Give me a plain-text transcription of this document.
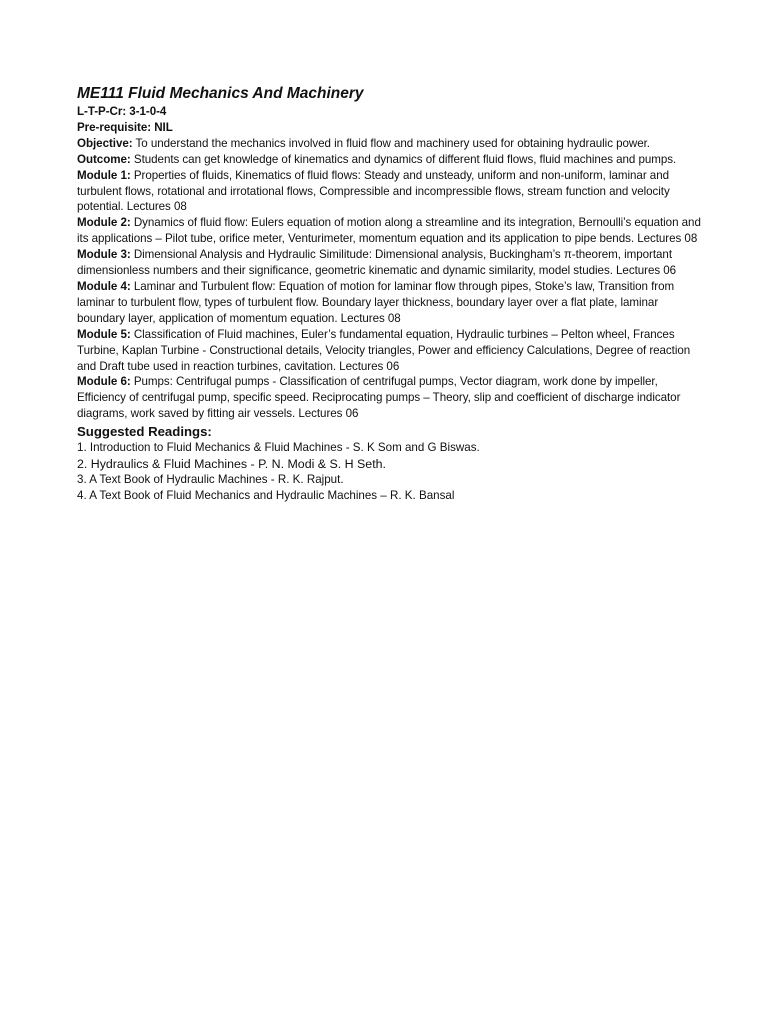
ME111 Fluid Mechanics And Machinery

L-T-P-Cr: 3-1-0-4

Pre-requisite: NIL

Objective: To understand the mechanics involved in fluid flow and machinery used for obtaining hydraulic power.

Outcome: Students can get knowledge of kinematics and dynamics of different fluid flows, fluid machines and pumps.

Module 1: Properties of fluids, Kinematics of fluid flows: Steady and unsteady, uniform and non-uniform, laminar and turbulent flows, rotational and irrotational flows, Compressible and incompressible flows, stream function and velocity potential. Lectures 08

Module 2: Dynamics of fluid flow: Eulers equation of motion along a streamline and its integration, Bernoulli’s equation and its applications – Pilot tube, orifice meter, Venturimeter, momentum equation and its application to pipe bends. Lectures 08

Module 3: Dimensional Analysis and Hydraulic Similitude: Dimensional analysis, Buckingham’s π-theorem, important dimensionless numbers and their significance, geometric kinematic and dynamic similarity, model studies. Lectures 06

Module 4: Laminar and Turbulent flow: Equation of motion for laminar flow through pipes, Stoke’s law, Transition from laminar to turbulent flow, types of turbulent flow. Boundary layer thickness, boundary layer over a flat plate, laminar boundary layer, application of momentum equation. Lectures 08

Module 5: Classification of Fluid machines, Euler’s fundamental equation, Hydraulic turbines – Pelton wheel, Frances Turbine, Kaplan Turbine - Constructional details, Velocity triangles, Power and efficiency Calculations, Degree of reaction and Draft tube used in reaction turbines, cavitation. Lectures 06

Module 6: Pumps: Centrifugal pumps - Classification of centrifugal pumps, Vector diagram, work done by impeller, Efficiency of centrifugal pump, specific speed. Reciprocating pumps – Theory, slip and coefficient of discharge indicator diagrams, work saved by fitting air vessels. Lectures 06

Suggested Readings:
1. Introduction to Fluid Mechanics & Fluid Machines - S. K Som and G Biswas.
2. Hydraulics & Fluid Machines - P. N. Modi & S. H Seth.
3. A Text Book of Hydraulic Machines - R. K. Rajput.
4. A Text Book of Fluid Mechanics and Hydraulic Machines – R. K. Bansal
